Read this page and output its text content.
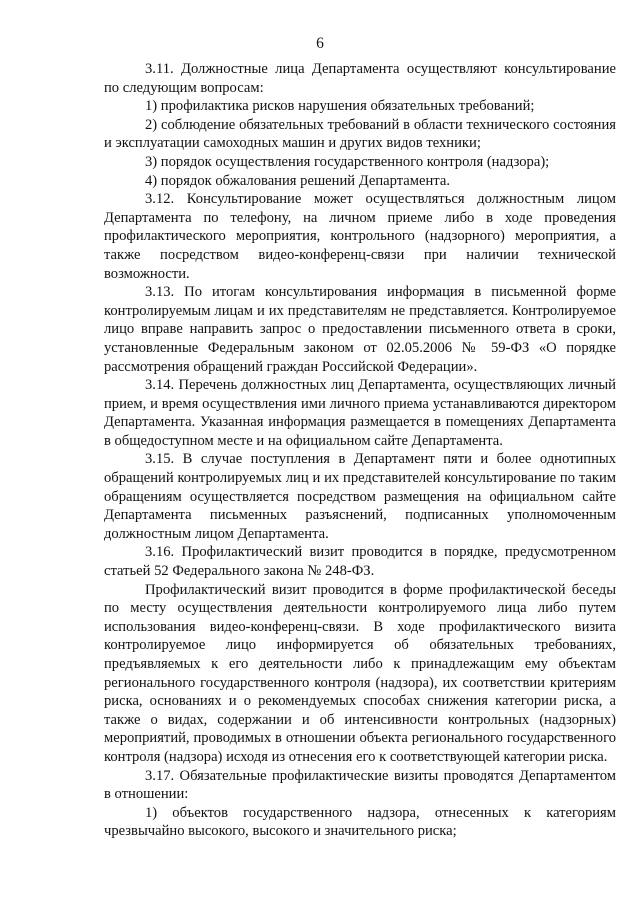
6

3.11. Должностные лица Департамента осуществляют консультирование по следующим вопросам:

1) профилактика рисков нарушения обязательных требований;

2) соблюдение обязательных требований в области технического состояния и эксплуатации самоходных машин и других видов техники;

3) порядок осуществления государственного контроля (надзора);

4) порядок обжалования решений Департамента.

3.12. Консультирование может осуществляться должностным лицом Департамента по телефону, на личном приеме либо в ходе проведения профилактического мероприятия, контрольного (надзорного) мероприятия, а также посредством видео-конференц-связи при наличии технической возможности.

3.13. По итогам консультирования информация в письменной форме контролируемым лицам и их представителям не представляется. Контролируемое лицо вправе направить запрос о предоставлении письменного ответа в сроки, установленные Федеральным законом от 02.05.2006 № 59-ФЗ «О порядке рассмотрения обращений граждан Российской Федерации».

3.14. Перечень должностных лиц Департамента, осуществляющих личный прием, и время осуществления ими личного приема устанавливаются директором Департамента. Указанная информация размещается в помещениях Департамента в общедоступном месте и на официальном сайте Департамента.

3.15. В случае поступления в Департамент пяти и более однотипных обращений контролируемых лиц и их представителей консультирование по таким обращениям осуществляется посредством размещения на официальном сайте Департамента письменных разъяснений, подписанных уполномоченным должностным лицом Департамента.

3.16. Профилактический визит проводится в порядке, предусмотренном статьей 52 Федерального закона № 248-ФЗ.

Профилактический визит проводится в форме профилактической беседы по месту осуществления деятельности контролируемого лица либо путем использования видео-конференц-связи. В ходе профилактического визита контролируемое лицо информируется об обязательных требованиях, предъявляемых к его деятельности либо к принадлежащим ему объектам регионального государственного контроля (надзора), их соответствии критериям риска, основаниях и о рекомендуемых способах снижения категории риска, а также о видах, содержании и об интенсивности контрольных (надзорных) мероприятий, проводимых в отношении объекта регионального государственного контроля (надзора) исходя из отнесения его к соответствующей категории риска.

3.17. Обязательные профилактические визиты проводятся Департаментом в отношении:

1) объектов государственного надзора, отнесенных к категориям чрезвычайно высокого, высокого и значительного риска;
